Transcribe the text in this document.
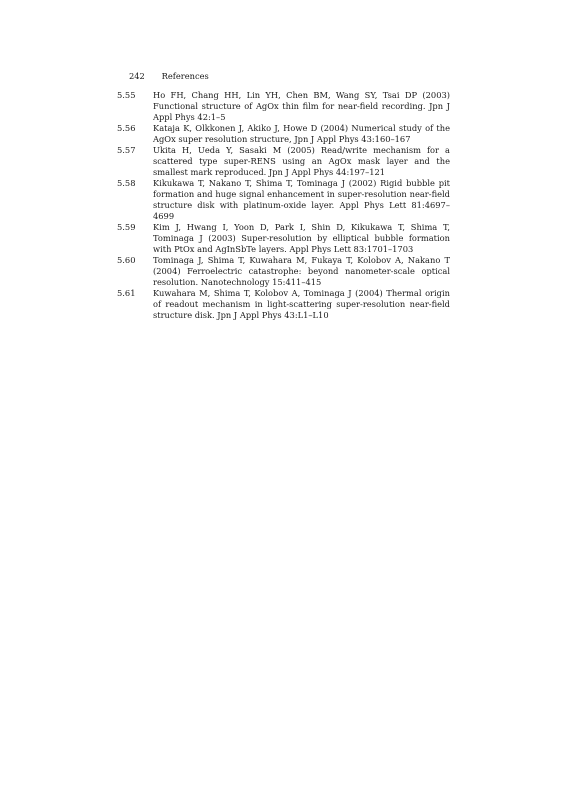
242 References
5.55	Ho FH, Chang HH, Lin YH, Chen BM, Wang SY, Tsai DP (2003) Functional structure of AgOx thin film for near-field recording. Jpn J Appl Phys 42:1–5
5.56	Kataja K, Olkkonen J, Akiko J, Howe D (2004) Numerical study of the AgOx super resolution structure, Jpn J Appl Phys 43:160–167
5.57	Ukita H, Ueda Y, Sasaki M (2005) Read/write mechanism for a scattered type super-RENS using an AgOx mask layer and the smallest mark reproduced. Jpn J Appl Phys 44:197–121
5.58	Kikukawa T, Nakano T, Shima T, Tominaga J (2002) Rigid bubble pit formation and huge signal enhancement in super-resolution near-field structure disk with platinum-oxide layer. Appl Phys Lett 81:4697–4699
5.59	Kim J, Hwang I, Yoon D, Park I, Shin D, Kikukawa T, Shima T, Tominaga J (2003) Super-resolution by elliptical bubble formation with PtOx and AgInSbTe layers. Appl Phys Lett 83:1701–1703
5.60	Tominaga J, Shima T, Kuwahara M, Fukaya T, Kolobov A, Nakano T (2004) Ferroelectric catastrophe: beyond nanometer-scale optical resolution. Nanotechnology 15:411–415
5.61	Kuwahara M, Shima T, Kolobov A, Tominaga J (2004) Thermal origin of readout mechanism in light-scattering super-resolution near-field structure disk. Jpn J Appl Phys 43:L1–L10
